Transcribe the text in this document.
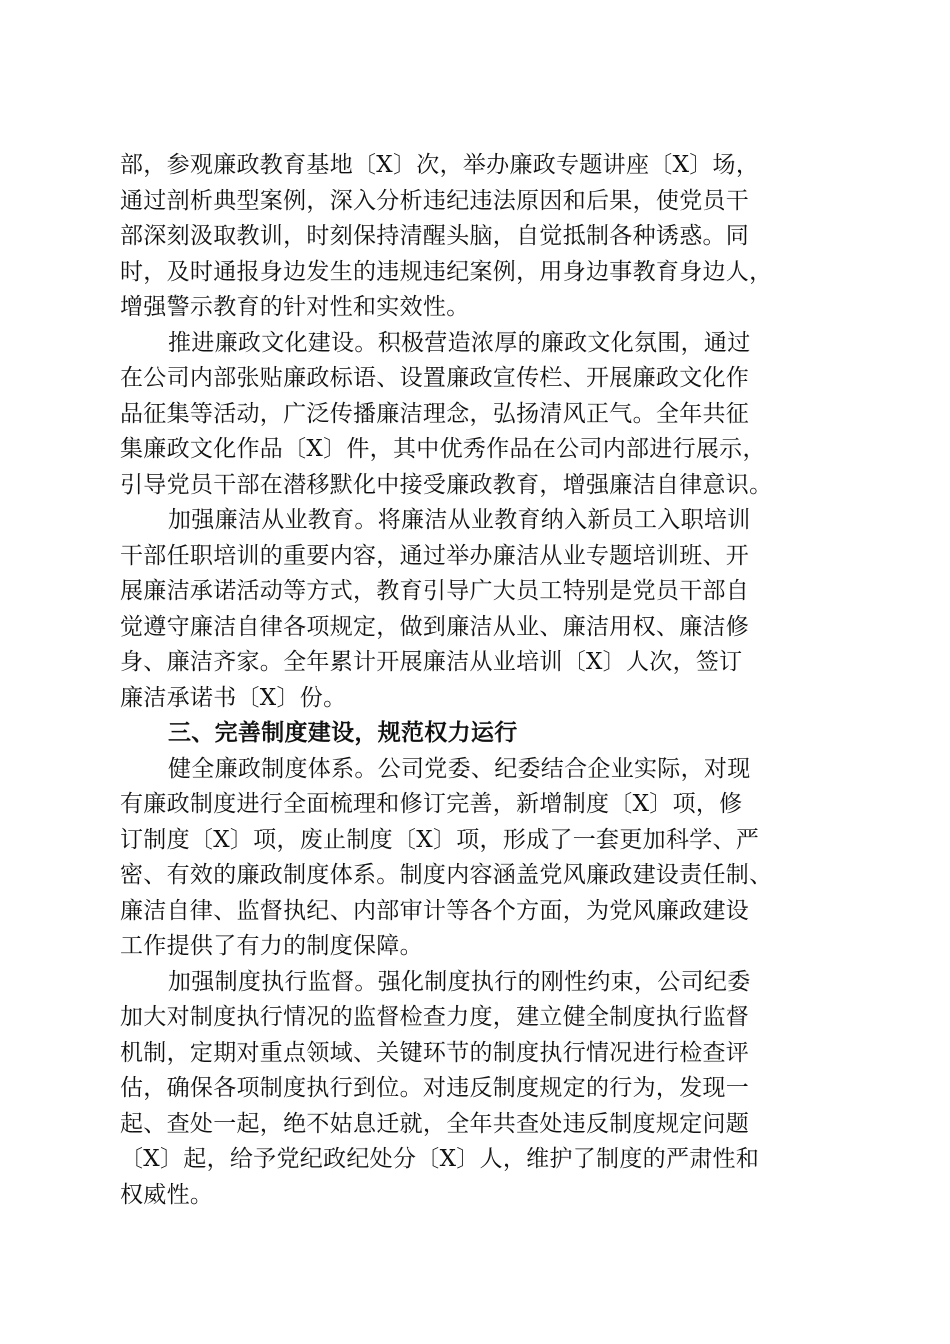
部，参观廉政教育基地〔X〕次，举办廉政专题讲座〔X〕场，
通过剖析典型案例，深入分析违纪违法原因和后果，使党员干
部深刻汲取教训，时刻保持清醒头脑，自觉抵制各种诱惑。同
时，及时通报身边发生的违规违纪案例，用身边事教育身边人，
增强警示教育的针对性和实效性。
推进廉政文化建设。积极营造浓厚的廉政文化氛围，通过
在公司内部张贴廉政标语、设置廉政宣传栏、开展廉政文化作
品征集等活动，广泛传播廉洁理念，弘扬清风正气。全年共征
集廉政文化作品〔X〕件，其中优秀作品在公司内部进行展示，
引导党员干部在潜移默化中接受廉政教育，增强廉洁自律意识。
加强廉洁从业教育。将廉洁从业教育纳入新员工入职培训
干部任职培训的重要内容，通过举办廉洁从业专题培训班、开
展廉洁承诺活动等方式，教育引导广大员工特别是党员干部自
觉遵守廉洁自律各项规定，做到廉洁从业、廉洁用权、廉洁修
身、廉洁齐家。全年累计开展廉洁从业培训〔X〕人次，签订
廉洁承诺书〔X〕份。
三、完善制度建设，规范权力运行
健全廉政制度体系。公司党委、纪委结合企业实际，对现
有廉政制度进行全面梳理和修订完善，新增制度〔X〕项，修
订制度〔X〕项，废止制度〔X〕项，形成了一套更加科学、严
密、有效的廉政制度体系。制度内容涵盖党风廉政建设责任制、
廉洁自律、监督执纪、内部审计等各个方面，为党风廉政建设
工作提供了有力的制度保障。
加强制度执行监督。强化制度执行的刚性约束，公司纪委
加大对制度执行情况的监督检查力度，建立健全制度执行监督
机制，定期对重点领域、关键环节的制度执行情况进行检查评
估，确保各项制度执行到位。对违反制度规定的行为，发现一
起、查处一起，绝不姑息迁就，全年共查处违反制度规定问题
〔X〕起，给予党纪政纪处分〔X〕人，维护了制度的严肃性和
权威性。
